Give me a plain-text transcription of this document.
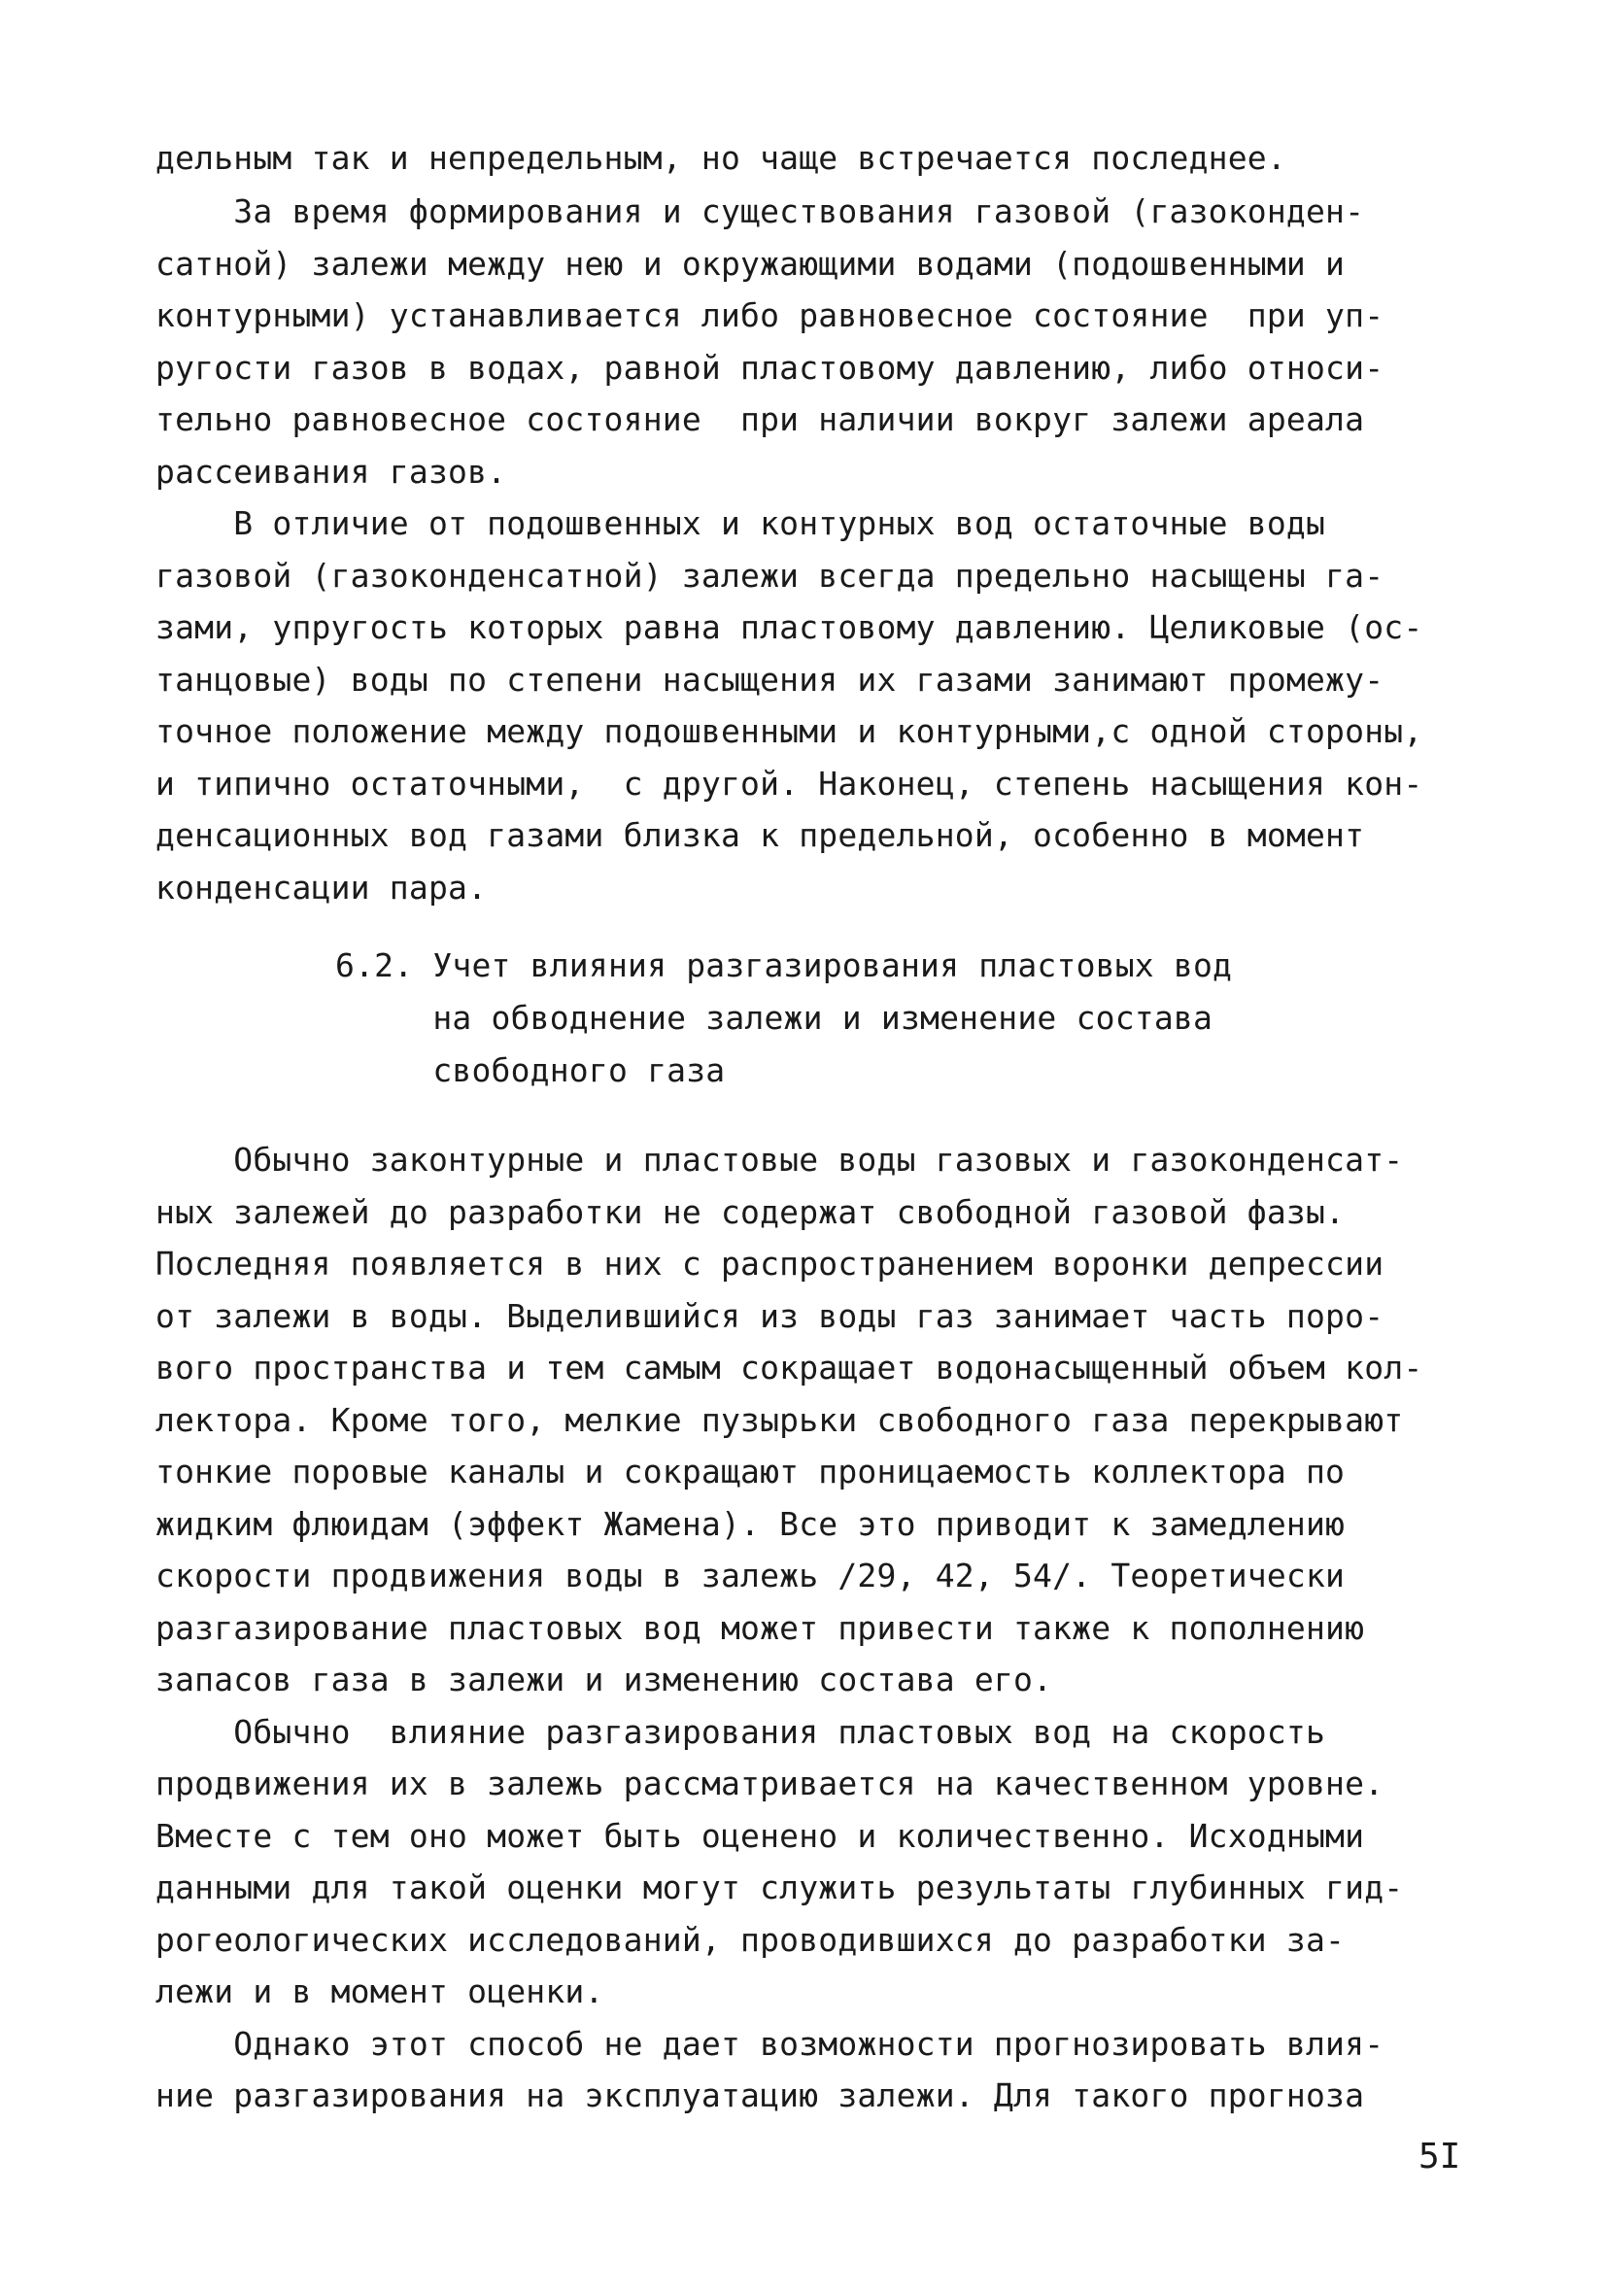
дельным так и непредельным, но чаще встречается последнее.

За время формирования и существования газовой (газоконден-

сатной) залежи между нею и окружающими водами (подошвенными и

контурными) устанавливается либо равновесное состояние  при уп-

ругости газов в водах, равной пластовому давлению, либо относи-

тельно равновесное состояние  при наличии вокруг залежи ареала

рассеивания газов.

В отличие от подошвенных и контурных вод остаточные воды

газовой (газоконденсатной) залежи всегда предельно насыщены га-

зами, упругость которых равна пластовому давлению. Целиковые (ос-

танцовые) воды по степени насыщения их газами занимают промежу-

точное положение между подошвенными и контурными,с одной стороны,

и типично остаточными,  с другой. Наконец, степень насыщения кон-

денсационных вод газами близка к предельной, особенно в момент

конденсации пара.

6.2. Учет влияния разгазирования пластовых вод

на обводнение залежи и изменение состава

свободного газа

Обычно законтурные и пластовые воды газовых и газоконденсат-

ных залежей до разработки не содержат свободной газовой фазы.

Последняя появляется в них с распространением воронки депрессии

от залежи в воды. Выделившийся из воды газ занимает часть поро-

вого пространства и тем самым сокращает водонасыщенный объем кол-

лектора. Кроме того, мелкие пузырьки свободного газа перекрывают

тонкие поровые каналы и сокращают проницаемость коллектора по

жидким флюидам (эффект Жамена). Все это приводит к замедлению

скорости продвижения воды в залежь /29, 42, 54/. Теоретически

разгазирование пластовых вод может привести также к пополнению

запасов газа в залежи и изменению состава его.

Обычно  влияние разгазирования пластовых вод на скорость

продвижения их в залежь рассматривается на качественном уровне.

Вместе с тем оно может быть оценено и количественно. Исходными

данными для такой оценки могут служить результаты глубинных гид-

рогеологических исследований, проводившихся до разработки за-

лежи и в момент оценки.

Однако этот способ не дает возможности прогнозировать влия-

ние разгазирования на эксплуатацию залежи. Для такого прогноза

5I
